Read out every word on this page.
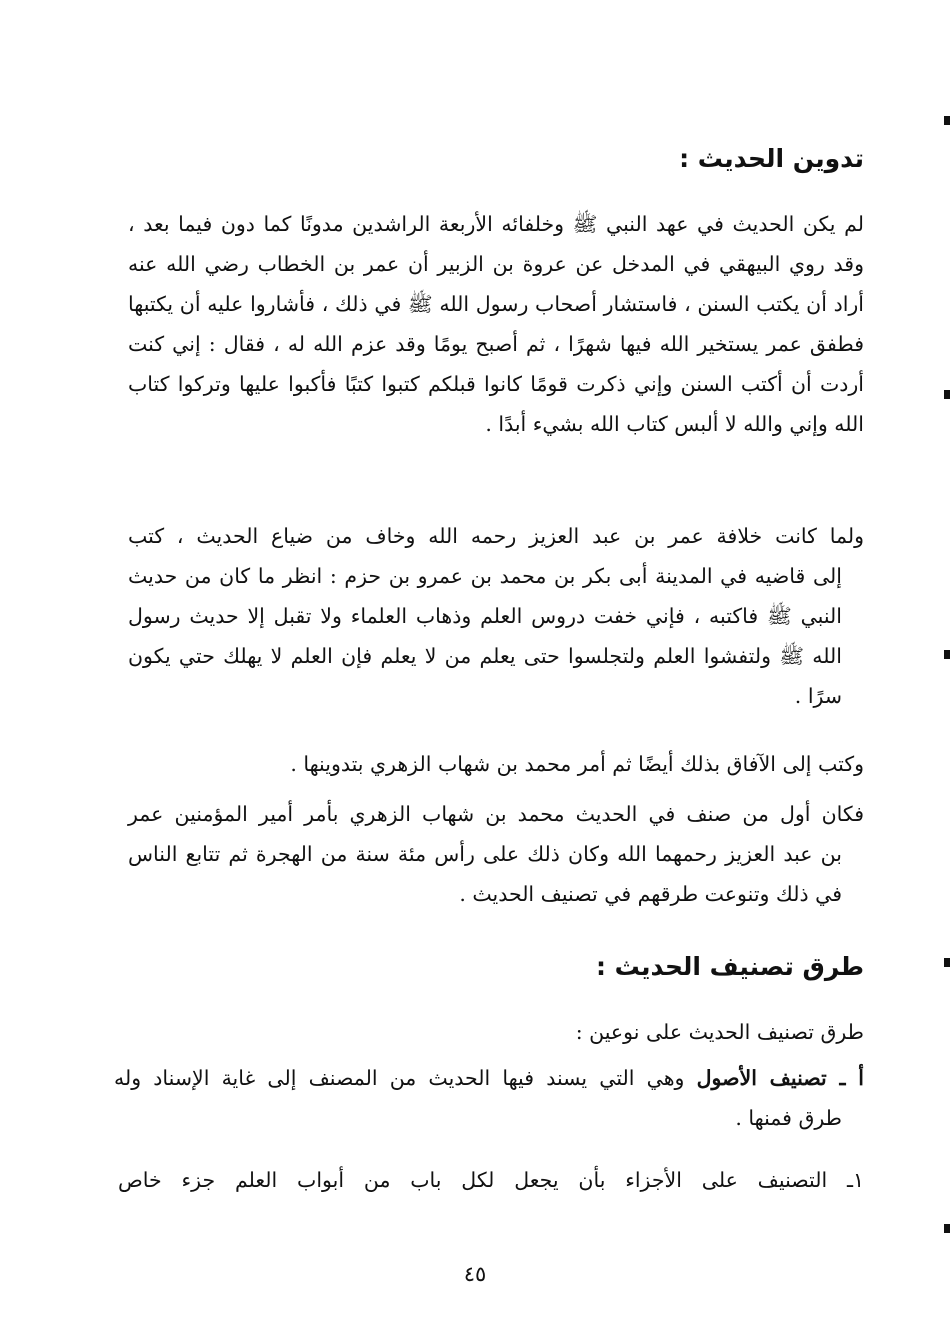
تدوين الحديث :
لم يكن الحديث في عهد النبي ﷺ وخلفائه الأربعة الراشدين مدونًا كما دون فيما بعد ، وقد روي البيهقي في المدخل عن عروة بن الزبير أن عمر بن الخطاب رضي الله عنه أراد أن يكتب السنن ، فاستشار أصحاب رسول الله ﷺ في ذلك ، فأشاروا عليه أن يكتبها فطفق عمر يستخير الله فيها شهرًا ، ثم أصبح يومًا وقد عزم الله له ، فقال : إني كنت أردت أن أكتب السنن وإني ذكرت قومًا كانوا قبلكم كتبوا كتبًا فأكبوا عليها وتركوا كتاب الله وإني والله لا ألبس كتاب الله بشيء أبدًا .
ولما كانت خلافة عمر بن عبد العزيز رحمه الله وخاف من ضياع الحديث ، كتب
إلى قاضيه في المدينة أبى بكر بن محمد بن عمرو بن حزم : انظر ما كان من حديث النبي ﷺ فاكتبه ، فإني خفت دروس العلم وذهاب العلماء ولا تقبل إلا حديث رسول الله ﷺ ولتفشوا العلم ولتجلسوا حتى يعلم من لا يعلم فإن العلم لا يهلك حتي يكون سرًا .
وكتب إلى الآفاق بذلك أيضًا ثم أمر محمد بن شهاب الزهري بتدوينها .
فكان أول من صنف في الحديث محمد بن شهاب الزهري بأمر أمير المؤمنين عمر
بن عبد العزيز رحمهما الله وكان ذلك على رأس مئة سنة من الهجرة ثم تتابع الناس في ذلك وتنوعت طرقهم في تصنيف الحديث .
طرق تصنيف الحديث :
طرق تصنيف الحديث على نوعين :
أ ـ تصنيف الأصول وهي التي يسند فيها الحديث من المصنف إلى غاية الإسناد وله
طرق فمنها .
١ـ التصنيف على الأجزاء بأن يجعل لكل باب من أبواب العلم جزء خاص
٤٥
